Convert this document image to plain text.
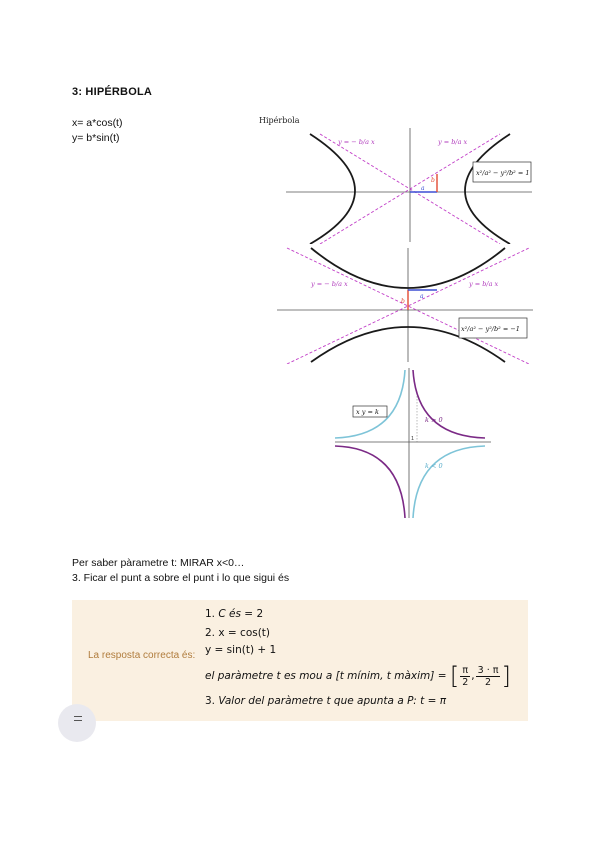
3: HIPÉRBOLA
x= a*cos(t)
y= b*sin(t)
Hipérbola
a
b
y = − b/a x	y = b/a x
x²/a² − y²/b² = 1
b
a
y = − b/a x	y = b/a x
x²/a² − y²/b² = −1
1
x y = k
k > 0
k < 0
Per saber pàrametre t: MIRAR x<0…
3. Ficar el punt a sobre el punt i lo que sigui és
La resposta correcta és:
1. C és = 2
2. x = cos(t)
y = sin(t) + 1
el paràmetre t es mou a [t mínim, t màxim] = [ $\frac{\pi}{2}$ , $\frac{3 \cdot \pi}{2}$ ]
3. Valor del paràmetre t que apunta a P: t = π
